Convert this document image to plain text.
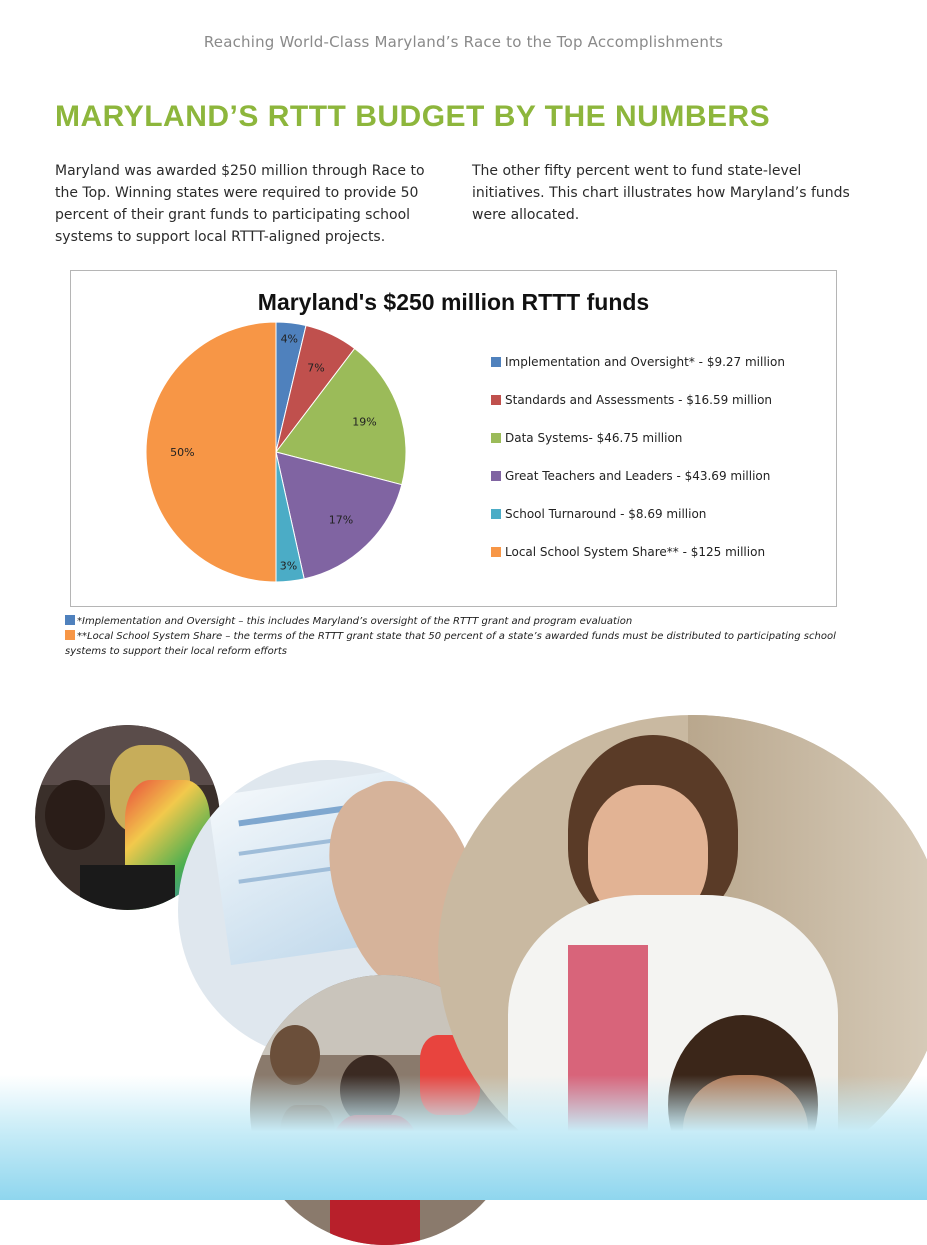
Reaching World-Class Maryland’s Race to the Top Accomplishments
MARYLAND’S RTTT BUDGET BY THE NUMBERS
Maryland was awarded $250 million through Race to the Top. Winning states were required to provide 50 percent of their grant funds to participating school systems to support local RTTT-aligned projects.
The other fifty percent went to fund state-level initiatives. This chart illustrates how Maryland’s funds were allocated.
Maryland's $250 million RTTT funds
4%
7%
19%
17%
3%
50%
Implementation and Oversight* - $9.27 million
Standards and Assessments - $16.59 million
Data Systems- $46.75 million
Great Teachers and Leaders - $43.69 million
School Turnaround - $8.69 million
Local School System Share** - $125 million
*Implementation and Oversight – this includes Maryland’s oversight of the RTTT grant and program evaluation
**Local School System Share – the terms of the RTTT grant state that 50 percent of a state’s awarded funds must be distributed to participating school systems to support their local reform efforts
